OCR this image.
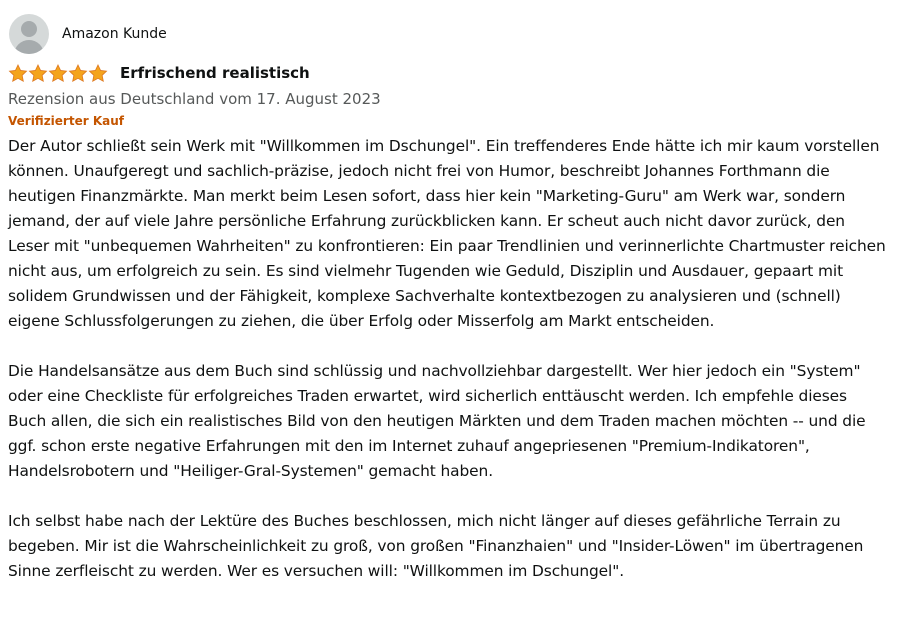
Amazon Kunde
Erfrischend realistisch
Rezension aus Deutschland vom 17. August 2023
Verifizierter Kauf

Der Autor schließt sein Werk mit "Willkommen im Dschungel". Ein treffenderes Ende hätte ich mir kaum vorstellen können. Unaufgeregt und sachlich-präzise, jedoch nicht frei von Humor, beschreibt Johannes Forthmann die heutigen Finanzmärkte. Man merkt beim Lesen sofort, dass hier kein "Marketing-Guru" am Werk war, sondern jemand, der auf viele Jahre persönliche Erfahrung zurückblicken kann. Er scheut auch nicht davor zurück, den Leser mit "unbequemen Wahrheiten" zu konfrontieren: Ein paar Trendlinien und verinnerlichte Chartmuster reichen nicht aus, um erfolgreich zu sein. Es sind vielmehr Tugenden wie Geduld, Disziplin und Ausdauer, gepaart mit solidem Grundwissen und der Fähigkeit, komplexe Sachverhalte kontextbezogen zu analysieren und (schnell) eigene Schlussfolgerungen zu ziehen, die über Erfolg oder Misserfolg am Markt entscheiden.

Die Handelsansätze aus dem Buch sind schlüssig und nachvollziehbar dargestellt. Wer hier jedoch ein "System" oder eine Checkliste für erfolgreiches Traden erwartet, wird sicherlich enttäuscht werden. Ich empfehle dieses Buch allen, die sich ein realistisches Bild von den heutigen Märkten und dem Traden machen möchten -- und die ggf. schon erste negative Erfahrungen mit den im Internet zuhauf angepriesenen "Premium-Indikatoren", Handelsrobotern und "Heiliger-Gral-Systemen" gemacht haben.

Ich selbst habe nach der Lektüre des Buches beschlossen, mich nicht länger auf dieses gefährliche Terrain zu begeben. Mir ist die Wahrscheinlichkeit zu groß, von großen "Finanzhaien" und "Insider-Löwen" im übertragenen Sinne zerfleischt zu werden. Wer es versuchen will: "Willkommen im Dschungel".
